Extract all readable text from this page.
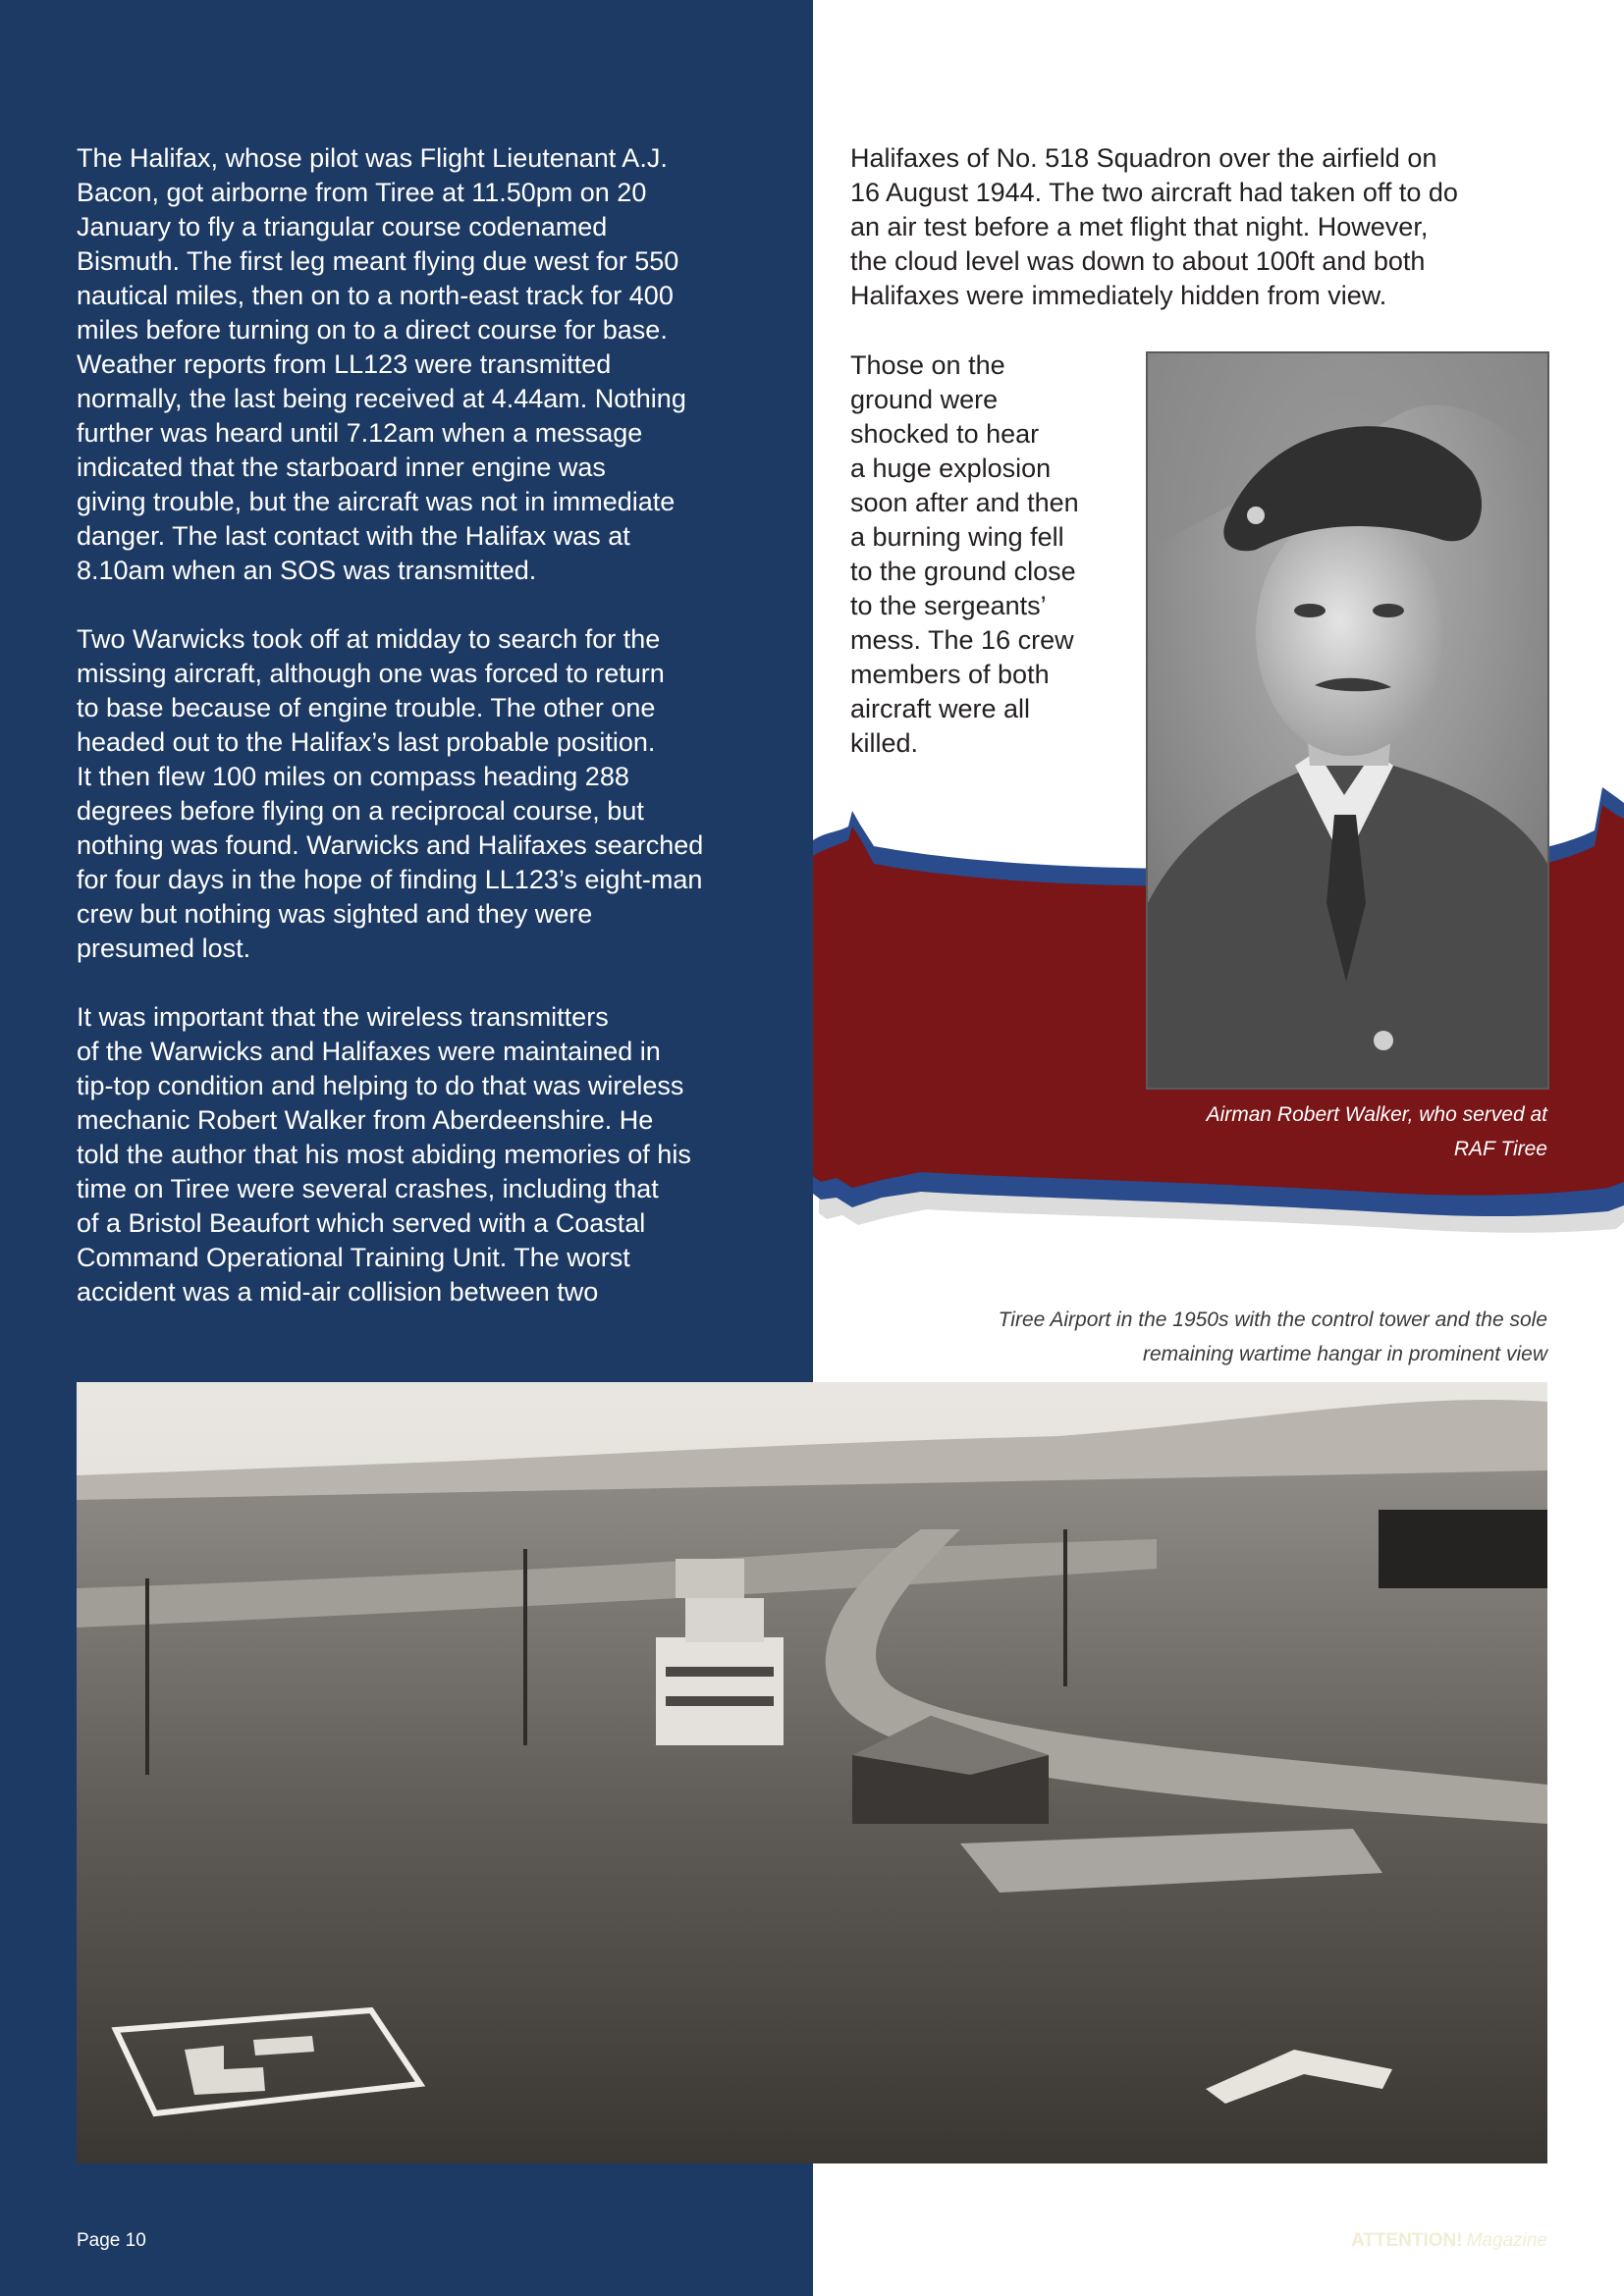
The Halifax, whose pilot was Flight Lieutenant A.J.
Bacon, got airborne from Tiree at 11.50pm on 20
January to fly a triangular course codenamed
Bismuth. The first leg meant flying due west for 550
nautical miles, then on to a north-east track for 400
miles before turning on to a direct course for base.
Weather reports from LL123 were transmitted
normally, the last being received at 4.44am. Nothing
further was heard until 7.12am when a message
indicated that the starboard inner engine was
giving trouble, but the aircraft was not in immediate
danger. The last contact with the Halifax was at
8.10am when an SOS was transmitted.

Two Warwicks took off at midday to search for the
missing aircraft, although one was forced to return
to base because of engine trouble. The other one
headed out to the Halifax’s last probable position.
It then flew 100 miles on compass heading 288
degrees before flying on a reciprocal course, but
nothing was found. Warwicks and Halifaxes searched
for four days in the hope of finding LL123’s eight-man
crew but nothing was sighted and they were
presumed lost.

It was important that the wireless transmitters
of the Warwicks and Halifaxes were maintained in
tip-top condition and helping to do that was wireless
mechanic Robert Walker from Aberdeenshire. He
told the author that his most abiding memories of his
time on Tiree were several crashes, including that
of a Bristol Beaufort which served with a Coastal
Command Operational Training Unit. The worst
accident was a mid-air collision between two

Halifaxes of No. 518 Squadron over the airfield on
16 August 1944. The two aircraft had taken off to do
an air test before a met flight that night. However,
the cloud level was down to about 100ft and both
Halifaxes were immediately hidden from view.

Those on the
ground were
shocked to hear
a huge explosion
soon after and then
a burning wing fell
to the ground close
to the sergeants’
mess. The 16 crew
members of both
aircraft were all
killed.
Airman Robert Walker, who served at
RAF Tiree
Tiree Airport in the 1950s with the control tower and the sole
remaining wartime hangar in prominent view
Page 10	ATTENTION! Magazine
